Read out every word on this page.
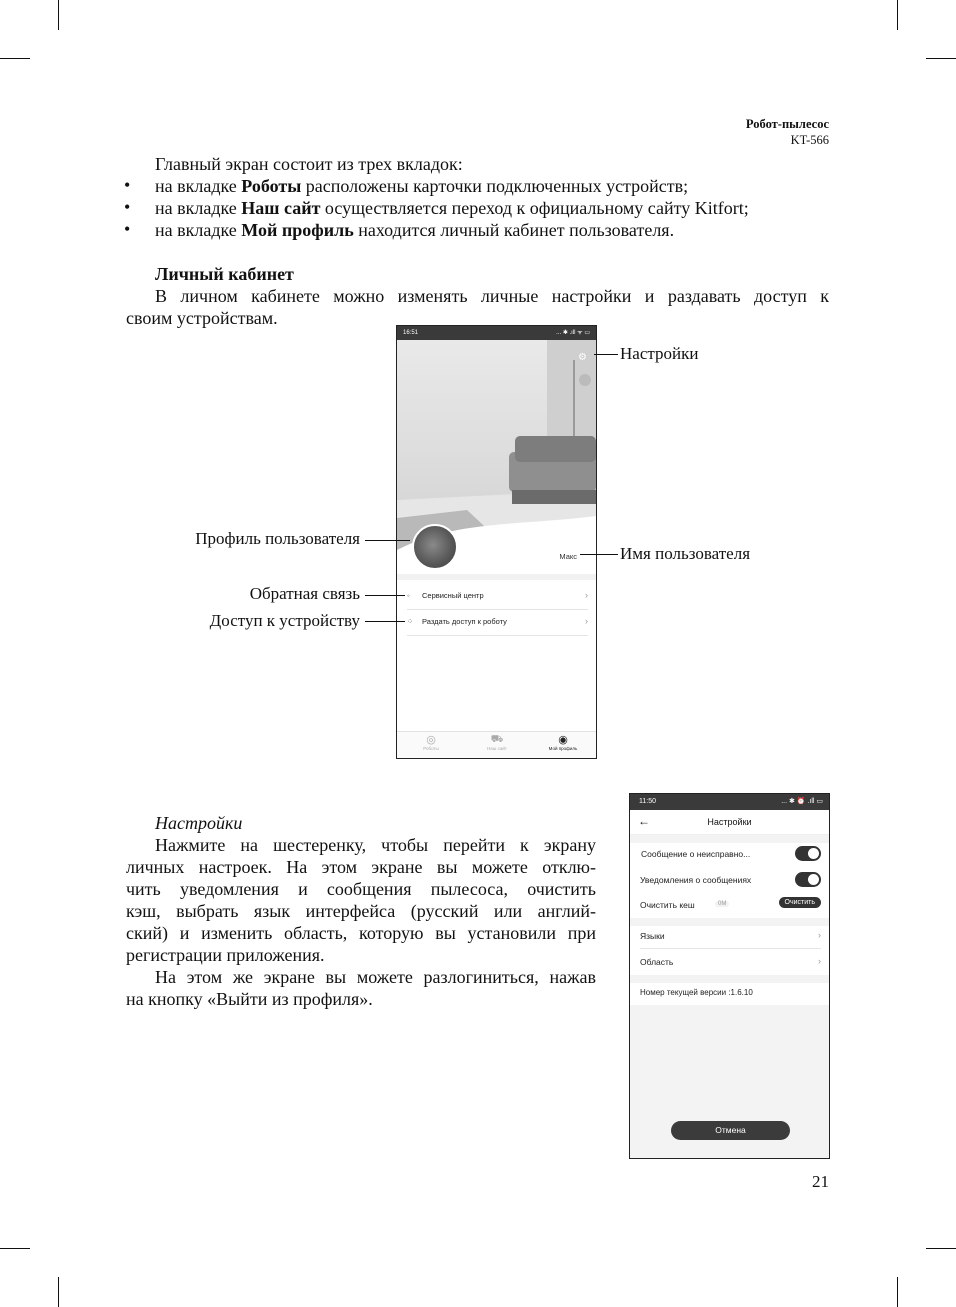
Робот-пылесос
KT-566
Главный экран состоит из трех вкладок:
• на вкладке Роботы расположены карточки подключенных устройств;
• на вкладке Наш сайт осуществляется переход к официальному сайту Kitfort;
• на вкладке Мой профиль находится личный кабинет пользователя.
Личный кабинет
В личном кабинете можно изменять личные настройки и раздавать доступ к
своим устройствам.
16:51	... ✱ .ıll ᯤ ▭
⚙
Макс
◦ Сервисный центр	›
⁘ Раздать доступ к роботу	›
◎
Роботы
⛟
Наш сайт
◉
Мой профиль
Настройки
Профиль пользователя
Имя пользователя
Обратная связь
Доступ к устройству
Настройки
Нажмите на шестеренку, чтобы перейти к экрану
личных настроек. На этом экране вы можете отклю-
чить уведомления и сообщения пылесоса, очистить
кэш, выбрать язык интерфейса (русский или англий-
ский) и изменить область, которую вы установили при
регистрации приложения.
На этом же экране вы можете разлогиниться, нажав
на кнопку «Выйти из профиля».
11:50	... ✱ ⏰ .ıll ▭
←	Настройки
Сообщение о неисправно...
Уведомления о сообщениях
Очистить кеш	0M	Очистить
Языки	›
Область	›
Номер текущей версии :1.6.10
Отмена
21
